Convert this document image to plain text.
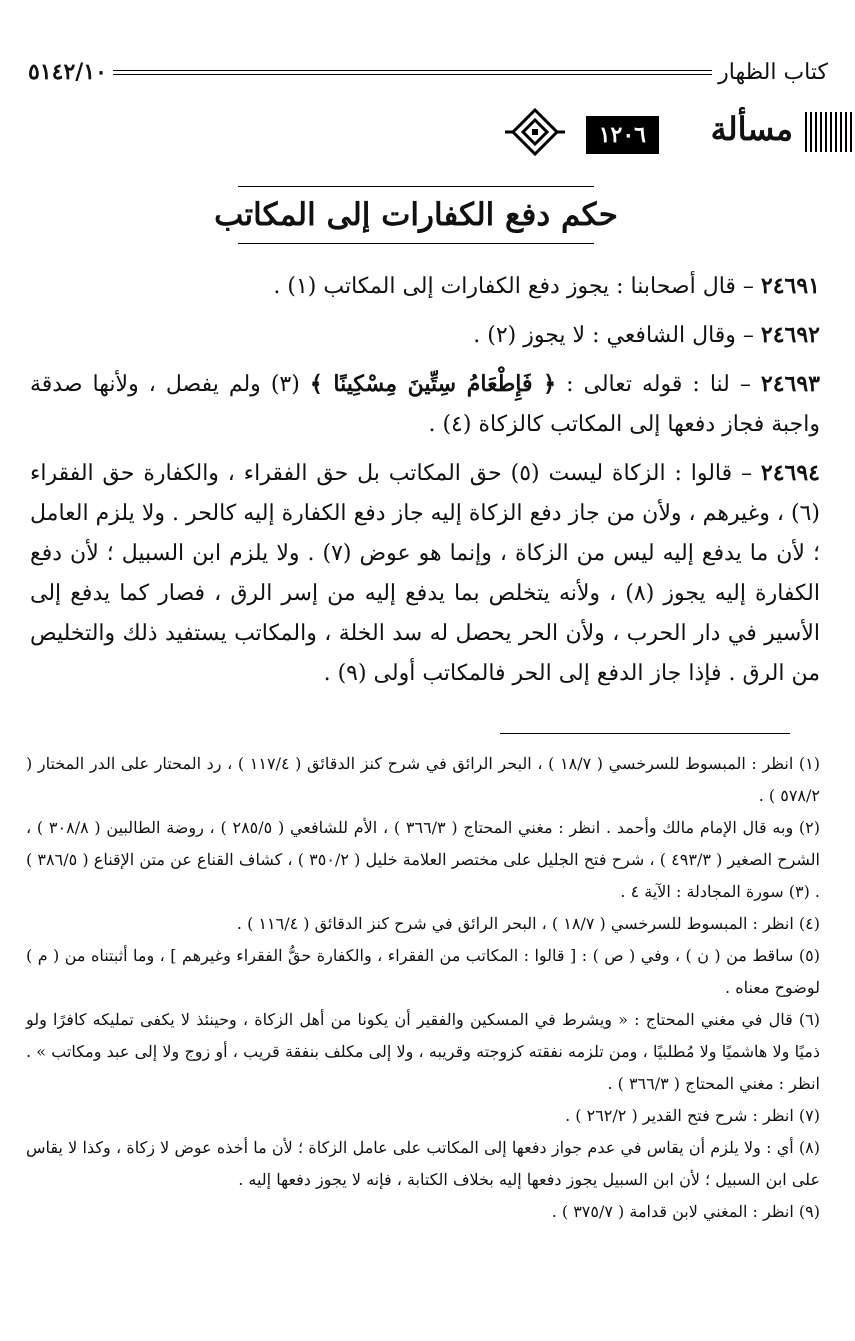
كتاب الظهار
٥١٤٢/١٠
مسألة
١٢٠٦
حكم دفع الكفارات إلى المكاتب

٢٤٦٩١ – قال أصحابنا : يجوز دفع الكفارات إلى المكاتب (١) .

٢٤٦٩٢ – وقال الشافعي : لا يجوز (٢) .

٢٤٦٩٣ – لنا : قوله تعالى : ﴿ فَإِطْعَامُ سِتِّينَ مِسْكِينًا ﴾ (٣) ولم يفصل ، ولأنها صدقة واجبة فجاز دفعها إلى المكاتب كالزكاة (٤) .

٢٤٦٩٤ – قالوا : الزكاة ليست (٥) حق المكاتب بل حق الفقراء ، والكفارة حق الفقراء (٦) ، وغيرهم ، ولأن من جاز دفع الزكاة إليه جاز دفع الكفارة إليه كالحر . ولا يلزم العامل ؛ لأن ما يدفع إليه ليس من الزكاة ، وإنما هو عوض (٧) . ولا يلزم ابن السبيل ؛ لأن دفع الكفارة إليه يجوز (٨) ، ولأنه يتخلص بما يدفع إليه من إسر الرق ، فصار كما يدفع إلى الأسير في دار الحرب ، ولأن الحر يحصل له سد الخلة ، والمكاتب يستفيد ذلك والتخليص من الرق . فإذا جاز الدفع إلى الحر فالمكاتب أولى (٩) .

(١) انظر : المبسوط للسرخسي ( ١٨/٧ ) ، البحر الرائق في شرح كنز الدقائق ( ١١٧/٤ ) ، رد المحتار على الدر المختار ( ٥٧٨/٢ ) .

(٢) وبه قال الإمام مالك وأحمد . انظر : مغني المحتاج ( ٣٦٦/٣ ) ، الأم للشافعي ( ٢٨٥/٥ ) ، روضة الطالبين ( ٣٠٨/٨ ) ، الشرح الصغير ( ٤٩٣/٣ ) ، شرح فتح الجليل على مختصر العلامة خليل ( ٣٥٠/٢ ) ، كشاف القناع عن متن الإقناع ( ٣٨٦/٥ ) . (٣) سورة المجادلة : الآية ٤ .

(٤) انظر : المبسوط للسرخسي ( ١٨/٧ ) ، البحر الرائق في شرح كنز الدقائق ( ١١٦/٤ ) .

(٥) ساقط من ( ن ) ، وفي ( ص ) : [ قالوا : المكاتب من الفقراء ، والكفارة حقُّ الفقراء وغيرهم ] ، وما أثبتناه من ( م ) لوضوح معناه .

(٦) قال في مغني المحتاج : « ويشرط في المسكين والفقير أن يكونا من أهل الزكاة ، وحينئذ لا يكفى تمليكه كافرًا ولو ذميًا ولا هاشميًا ولا مُطلبيًا ، ومن تلزمه نفقته كزوجته وقريبه ، ولا إلى مكلف بنفقة قريب ، أو زوج ولا إلى عبد ومكاتب » . انظر : مغني المحتاج ( ٣٦٦/٣ ) .

(٧) انظر : شرح فتح القدير ( ٢٦٢/٢ ) .

(٨) أي : ولا يلزم أن يقاس في عدم جواز دفعها إلى المكاتب على عامل الزكاة ؛ لأن ما أخذه عوض لا زكاة ، وكذا لا يقاس على ابن السبيل ؛ لأن ابن السبيل يجوز دفعها إليه بخلاف الكتابة ، فإنه لا يجوز دفعها إليه .

(٩) انظر : المغني لابن قدامة ( ٣٧٥/٧ ) .
